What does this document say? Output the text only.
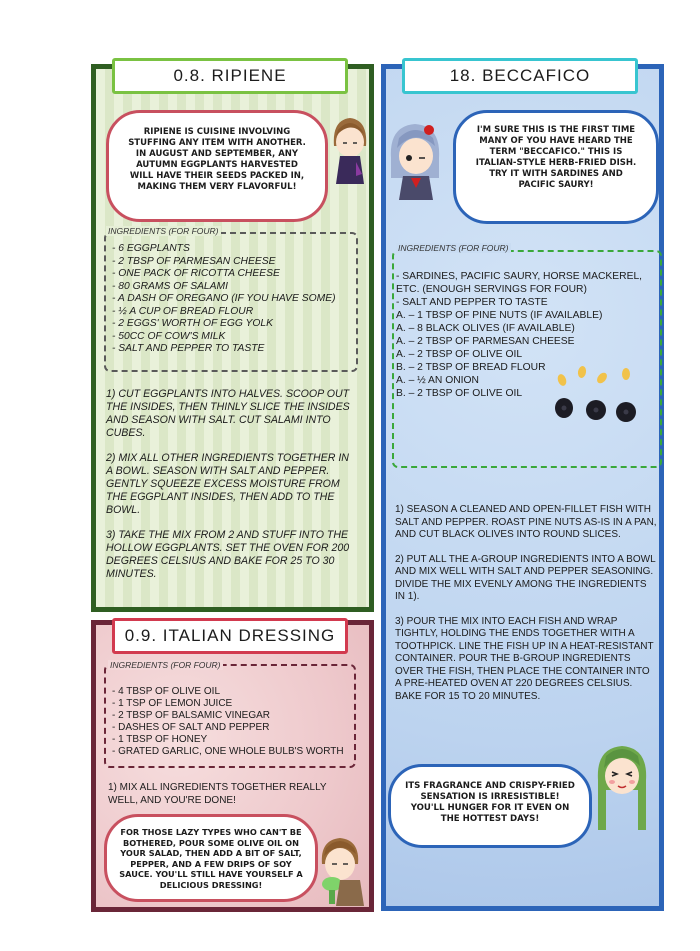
0.8. RIPIENE
RIPIENE IS CUISINE INVOLVING STUFFING ANY ITEM WITH ANOTHER. IN AUGUST AND SEPTEMBER, ANY AUTUMN EGGPLANTS HARVESTED WILL HAVE THEIR SEEDS PACKED IN, MAKING THEM VERY FLAVORFUL!
INGREDIENTS (FOR FOUR)
- 6 EGGPLANTS
- 2 TBSP OF PARMESAN CHEESE
- ONE PACK OF RICOTTA CHEESE
- 80 GRAMS OF SALAMI
- A DASH OF OREGANO (IF YOU HAVE SOME)
- ½ A CUP OF BREAD FLOUR
- 2 EGGS' WORTH OF EGG YOLK
- 50CC OF COW'S MILK
- SALT AND PEPPER TO TASTE

1) CUT EGGPLANTS INTO HALVES. SCOOP OUT THE INSIDES, THEN THINLY SLICE THE INSIDES AND SEASON WITH SALT. CUT SALAMI INTO CUBES.

2) MIX ALL OTHER INGREDIENTS TOGETHER IN A BOWL. SEASON WITH SALT AND PEPPER. GENTLY SQUEEZE EXCESS MOISTURE FROM THE EGGPLANT INSIDES, THEN ADD TO THE BOWL.

3) TAKE THE MIX FROM 2 AND STUFF INTO THE HOLLOW EGGPLANTS. SET THE OVEN FOR 200 DEGREES CELSIUS AND BAKE FOR 25 TO 30 MINUTES.

0.9. ITALIAN DRESSING
INGREDIENTS (FOR FOUR)
- 4 TBSP OF OLIVE OIL
- 1 TSP OF LEMON JUICE
- 2 TBSP OF BALSAMIC VINEGAR
- DASHES OF SALT AND PEPPER
- 1 TBSP OF HONEY
- GRATED GARLIC, ONE WHOLE BULB'S WORTH
1) MIX ALL INGREDIENTS TOGETHER REALLY WELL, AND YOU'RE DONE!
FOR THOSE LAZY TYPES WHO CAN'T BE BOTHERED, POUR SOME OLIVE OIL ON YOUR SALAD, THEN ADD A BIT OF SALT, PEPPER, AND A FEW DRIPS OF SOY SAUCE. YOU'LL STILL HAVE YOURSELF A DELICIOUS DRESSING!
18. BECCAFICO
I'M SURE THIS IS THE FIRST TIME MANY OF YOU HAVE HEARD THE TERM "BECCAFICO." THIS IS ITALIAN-STYLE HERB-FRIED DISH. TRY IT WITH SARDINES AND PACIFIC SAURY!
INGREDIENTS (FOR FOUR)
- SARDINES, PACIFIC SAURY, HORSE MACKEREL, ETC. (ENOUGH SERVINGS FOR FOUR)
- SALT AND PEPPER TO TASTE
A. – 1 TBSP OF PINE NUTS (IF AVAILABLE)
A. – 8 BLACK OLIVES (IF AVAILABLE)
A. – 2 TBSP OF PARMESAN CHEESE
A. – 2 TBSP OF OLIVE OIL
B. – 2 TBSP OF BREAD FLOUR
A. – ½ AN ONION
B. – 2 TBSP OF OLIVE OIL

1) SEASON A CLEANED AND OPEN-FILLET FISH WITH SALT AND PEPPER. ROAST PINE NUTS AS-IS IN A PAN, AND CUT BLACK OLIVES INTO ROUND SLICES.

2) PUT ALL THE A-GROUP INGREDIENTS INTO A BOWL AND MIX WELL WITH SALT AND PEPPER SEASONING. DIVIDE THE MIX EVENLY AMONG THE INGREDIENTS IN 1).

3) POUR THE MIX INTO EACH FISH AND WRAP TIGHTLY, HOLDING THE ENDS TOGETHER WITH A TOOTHPICK. LINE THE FISH UP IN A HEAT-RESISTANT CONTAINER. POUR THE B-GROUP INGREDIENTS OVER THE FISH, THEN PLACE THE CONTAINER INTO A PRE-HEATED OVEN AT 220 DEGREES CELSIUS. BAKE FOR 15 TO 20 MINUTES.

ITS FRAGRANCE AND CRISPY-FRIED SENSATION IS IRRESISTIBLE! YOU'LL HUNGER FOR IT EVEN ON THE HOTTEST DAYS!
